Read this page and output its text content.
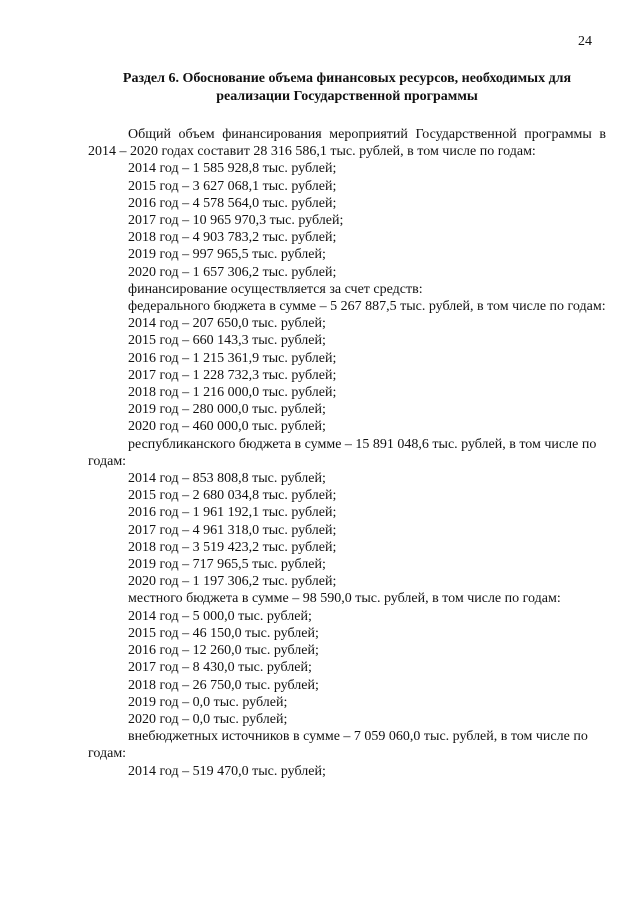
24
Раздел 6. Обоснование объема финансовых ресурсов, необходимых для
реализации Государственной программы

Общий объем финансирования мероприятий Государственной программы в 2014 – 2020 годах составит 28 316 586,1 тыс. рублей, в том числе по годам:

2014 год – 1 585 928,8 тыс. рублей;

2015 год – 3 627 068,1 тыс. рублей;

2016 год – 4 578 564,0 тыс. рублей;

2017 год – 10 965 970,3 тыс. рублей;

2018 год – 4 903 783,2 тыс. рублей;

2019 год – 997 965,5 тыс. рублей;

2020 год – 1 657 306,2 тыс. рублей;

финансирование осуществляется за счет средств:

федерального бюджета в сумме – 5 267 887,5 тыс. рублей, в том числе по годам:

2014 год – 207 650,0 тыс. рублей;

2015 год – 660 143,3 тыс. рублей;

2016 год – 1 215 361,9 тыс. рублей;

2017 год – 1 228 732,3 тыс. рублей;

2018 год – 1 216 000,0 тыс. рублей;

2019 год – 280 000,0 тыс. рублей;

2020 год – 460 000,0 тыс. рублей;

республиканского бюджета в сумме – 15 891 048,6 тыс. рублей, в том числе по годам:

2014 год – 853 808,8 тыс. рублей;

2015 год – 2 680 034,8 тыс. рублей;

2016 год – 1 961 192,1 тыс. рублей;

2017 год – 4 961 318,0 тыс. рублей;

2018 год – 3 519 423,2 тыс. рублей;

2019 год – 717 965,5 тыс. рублей;

2020 год – 1 197 306,2 тыс. рублей;

местного бюджета в сумме – 98 590,0 тыс. рублей, в том числе по годам:

2014 год – 5 000,0 тыс. рублей;

2015 год – 46 150,0 тыс. рублей;

2016 год – 12 260,0 тыс. рублей;

2017 год – 8 430,0 тыс. рублей;

2018 год – 26 750,0 тыс. рублей;

2019 год – 0,0 тыс. рублей;

2020 год – 0,0 тыс. рублей;

внебюджетных источников в сумме – 7 059 060,0 тыс. рублей, в том числе по годам:

2014 год – 519 470,0 тыс. рублей;
